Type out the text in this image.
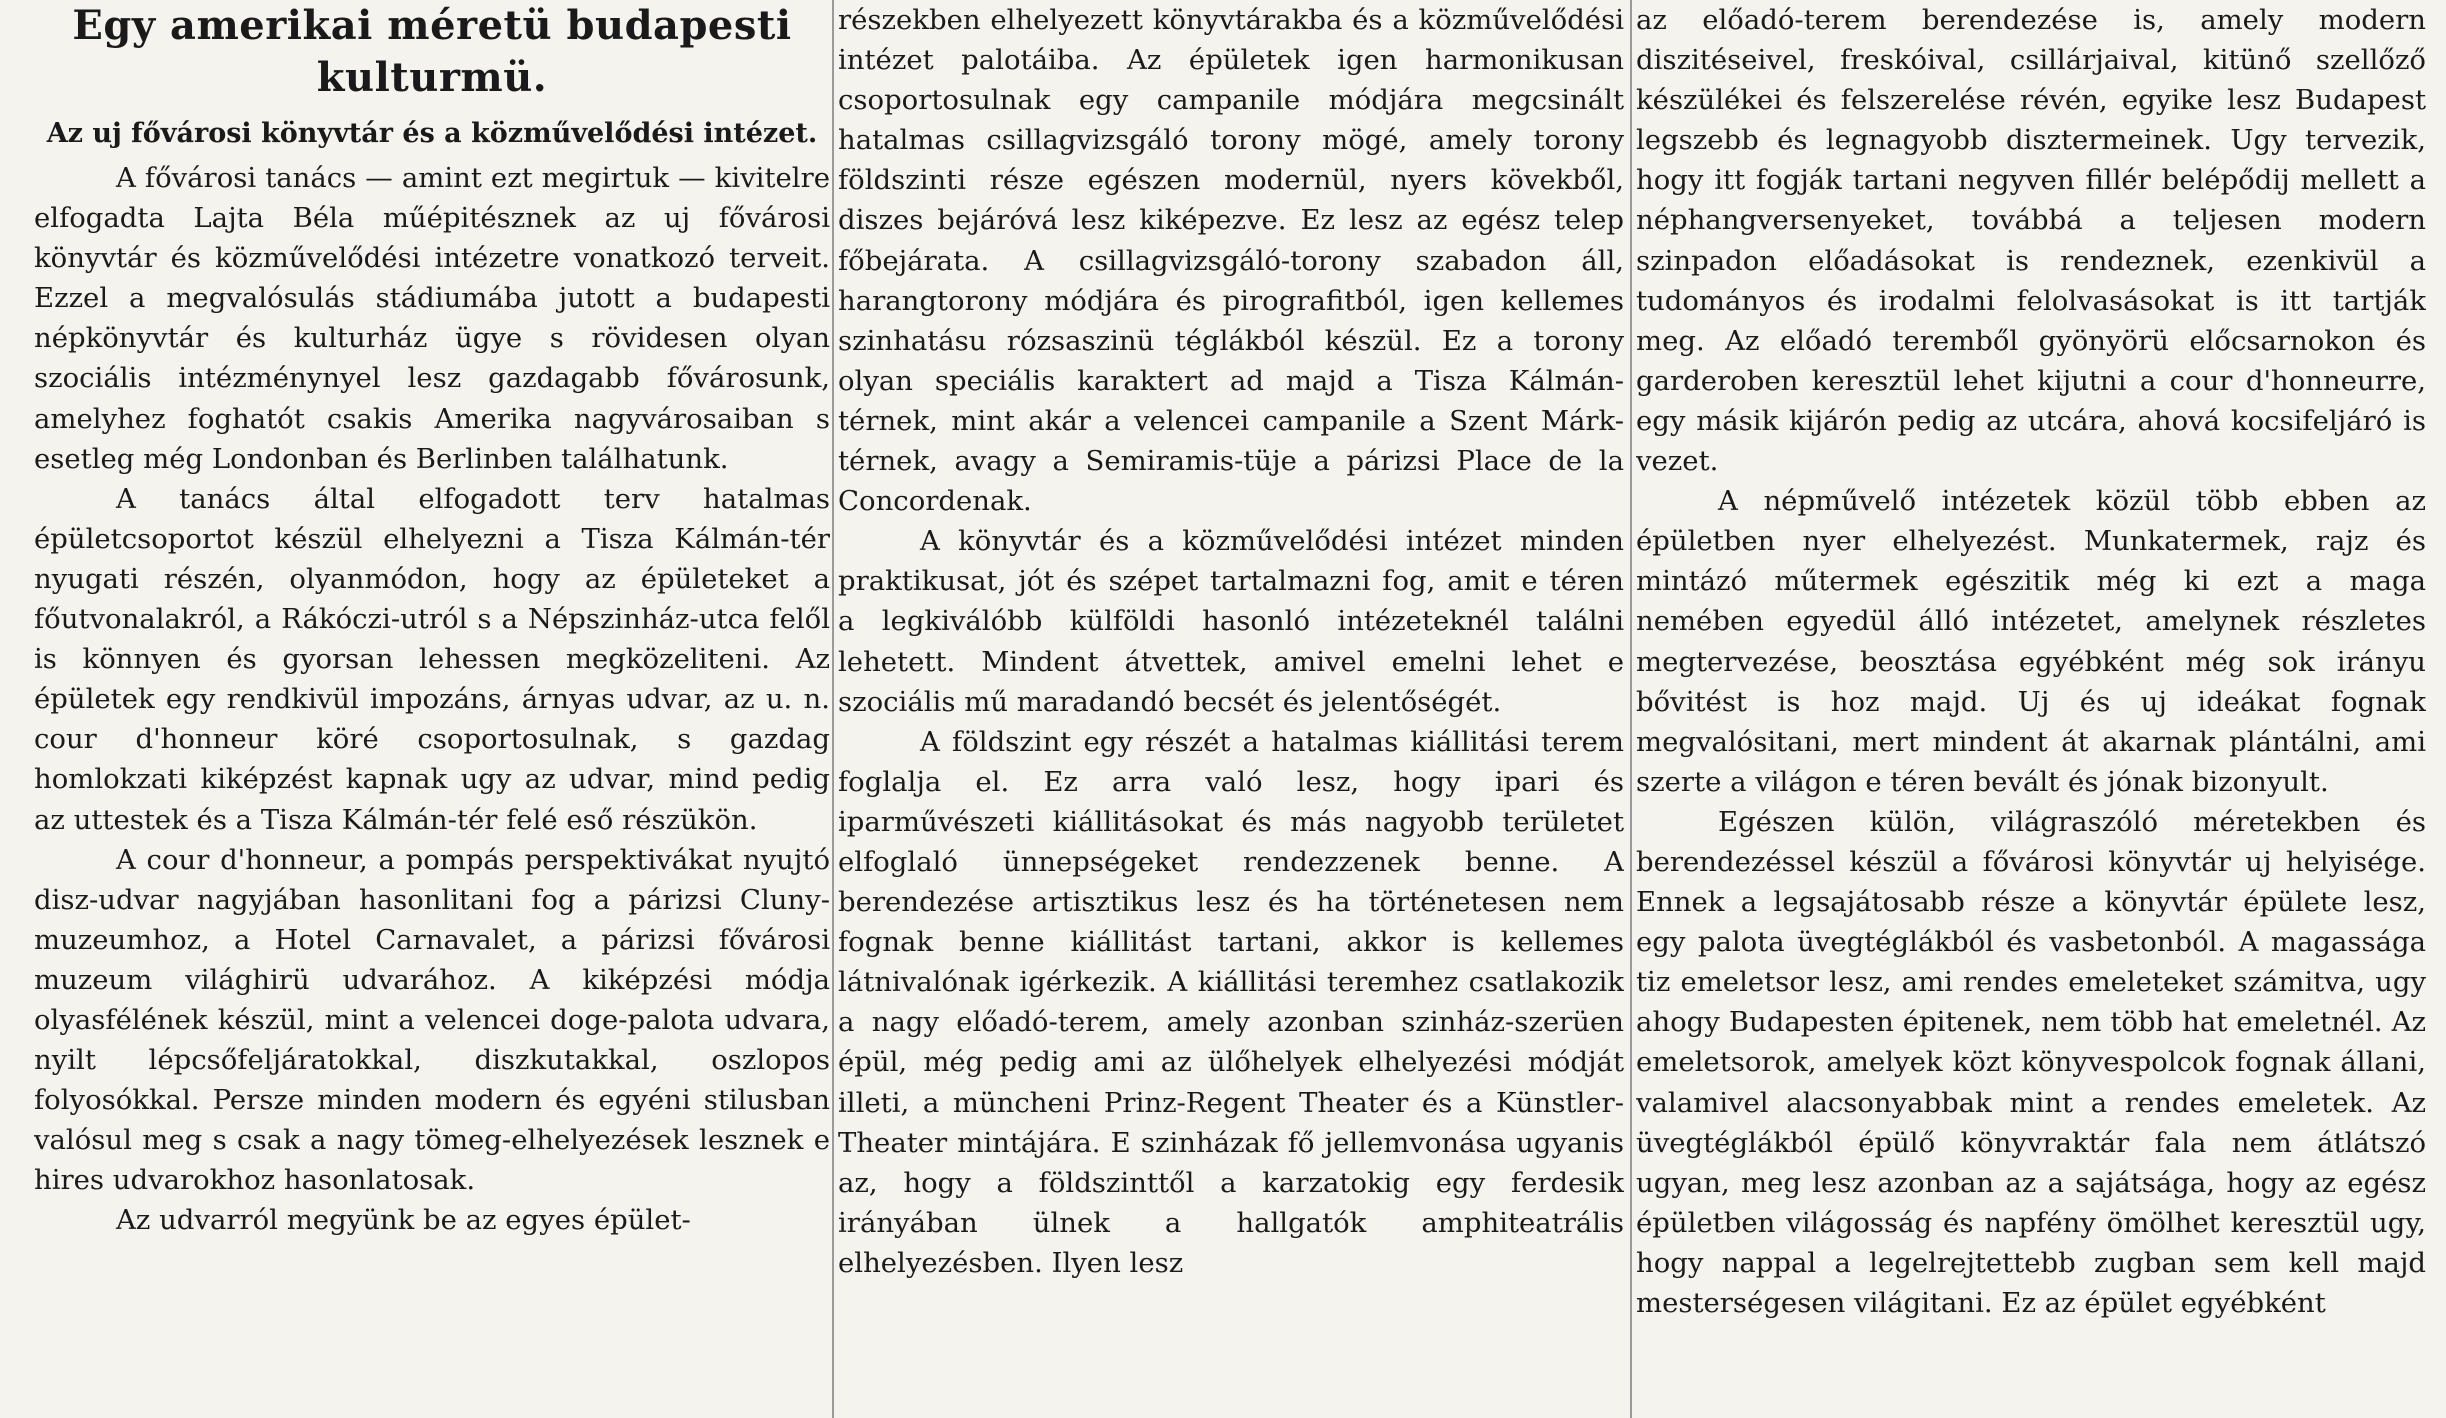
Egy amerikai méretü budapesti kulturmü.
Az uj fővárosi könyvtár és a közművelődési intézet.

A fővárosi tanács — amint ezt megirtuk — kivitelre elfogadta Lajta Béla műépitésznek az uj fővárosi könyvtár és közművelődési intézetre vonatkozó terveit. Ezzel a megvalósulás stádiumába jutott a budapesti népkönyvtár és kulturház ügye s rövidesen olyan szociális intézménynyel lesz gazdagabb fővárosunk, amelyhez foghatót csakis Amerika nagyvárosaiban s esetleg még Londonban és Berlinben találhatunk.

A tanács által elfogadott terv hatalmas épületcsoportot készül elhelyezni a Tisza Kálmán-tér nyugati részén, olyanmódon, hogy az épületeket a főutvonalakról, a Rákóczi-utról s a Népszinház-utca felől is könnyen és gyorsan lehessen megközeliteni. Az épületek egy rendkivül impozáns, árnyas udvar, az u. n. cour d'honneur köré csoportosulnak, s gazdag homlokzati kiképzést kapnak ugy az udvar, mind pedig az uttestek és a Tisza Kálmán-tér felé eső részükön.

A cour d'honneur, a pompás perspektivákat nyujtó disz-udvar nagyjában hasonlitani fog a párizsi Cluny-muzeumhoz, a Hotel Carnavalet, a párizsi fővárosi muzeum világhirü udvarához. A kiképzési módja olyasfélének készül, mint a velencei doge-palota udvara, nyilt lépcsőfeljáratokkal, diszkutakkal, oszlopos folyosókkal. Persze minden modern és egyéni stilusban valósul meg s csak a nagy tömeg-elhelyezések lesznek e hires udvarokhoz hasonlatosak.

Az udvarról megyünk be az egyes épület-

részekben elhelyezett könyvtárakba és a közművelődési intézet palotáiba. Az épületek igen harmonikusan csoportosulnak egy campanile módjára megcsinált hatalmas csillagvizsgáló torony mögé, amely torony földszinti része egészen modernül, nyers kövekből, diszes bejáróvá lesz kiképezve. Ez lesz az egész telep főbejárata. A csillagvizsgáló-torony szabadon áll, harangtorony módjára és pirografitból, igen kellemes szinhatásu rózsaszinü téglákból készül. Ez a torony olyan speciális karaktert ad majd a Tisza Kálmán-térnek, mint akár a velencei campanile a Szent Márk-térnek, avagy a Semiramis-tüje a párizsi Place de la Concordenak.

A könyvtár és a közművelődési intézet minden praktikusat, jót és szépet tartalmazni fog, amit e téren a legkiválóbb külföldi hasonló intézeteknél találni lehetett. Mindent átvettek, amivel emelni lehet e szociális mű maradandó becsét és jelentőségét.

A földszint egy részét a hatalmas kiállitási terem foglalja el. Ez arra való lesz, hogy ipari és iparművészeti kiállitásokat és más nagyobb területet elfoglaló ünnepségeket rendezzenek benne. A berendezése artisztikus lesz és ha történetesen nem fognak benne kiállitást tartani, akkor is kellemes látnivalónak igérkezik. A kiállitási teremhez csatlakozik a nagy előadó-terem, amely azonban szinház-szerüen épül, még pedig ami az ülőhelyek elhelyezési módját illeti, a müncheni Prinz-Regent Theater és a Künstler-Theater mintájára. E szinházak fő jellemvonása ugyanis az, hogy a földszinttől a karzatokig egy ferdesik irányában ülnek a hallgatók amphiteatrális elhelyezésben. Ilyen lesz

az előadó-terem berendezése is, amely modern diszitéseivel, freskóival, csillárjaival, kitünő szellőző készülékei és felszerelése révén, egyike lesz Budapest legszebb és legnagyobb disztermeinek. Ugy tervezik, hogy itt fogják tartani negyven fillér belépődij mellett a néphangversenyeket, továbbá a teljesen modern szinpadon előadásokat is rendeznek, ezenkivül a tudományos és irodalmi felolvasásokat is itt tartják meg. Az előadó teremből gyönyörü előcsarnokon és garderoben keresztül lehet kijutni a cour d'honneurre, egy másik kijárón pedig az utcára, ahová kocsifeljáró is vezet.

A népművelő intézetek közül több ebben az épületben nyer elhelyezést. Munkatermek, rajz és mintázó műtermek egészitik még ki ezt a maga nemében egyedül álló intézetet, amelynek részletes megtervezése, beosztása egyébként még sok irányu bővitést is hoz majd. Uj és uj ideákat fognak megvalósitani, mert mindent át akarnak plántálni, ami szerte a világon e téren bevált és jónak bizonyult.

Egészen külön, világraszóló méretekben és berendezéssel készül a fővárosi könyvtár uj helyisége. Ennek a legsajátosabb része a könyvtár épülete lesz, egy palota üvegtéglákból és vasbetonból. A magassága tiz emeletsor lesz, ami rendes emeleteket számitva, ugy ahogy Budapesten épitenek, nem több hat emeletnél. Az emeletsorok, amelyek közt könyvespolcok fognak állani, valamivel alacsonyabbak mint a rendes emeletek. Az üvegtéglákból épülő könyvraktár fala nem átlátszó ugyan, meg lesz azonban az a sajátsága, hogy az egész épületben világosság és napfény ömölhet keresztül ugy, hogy nappal a legelrejtettebb zugban sem kell majd mesterségesen világitani. Ez az épület egyébként
